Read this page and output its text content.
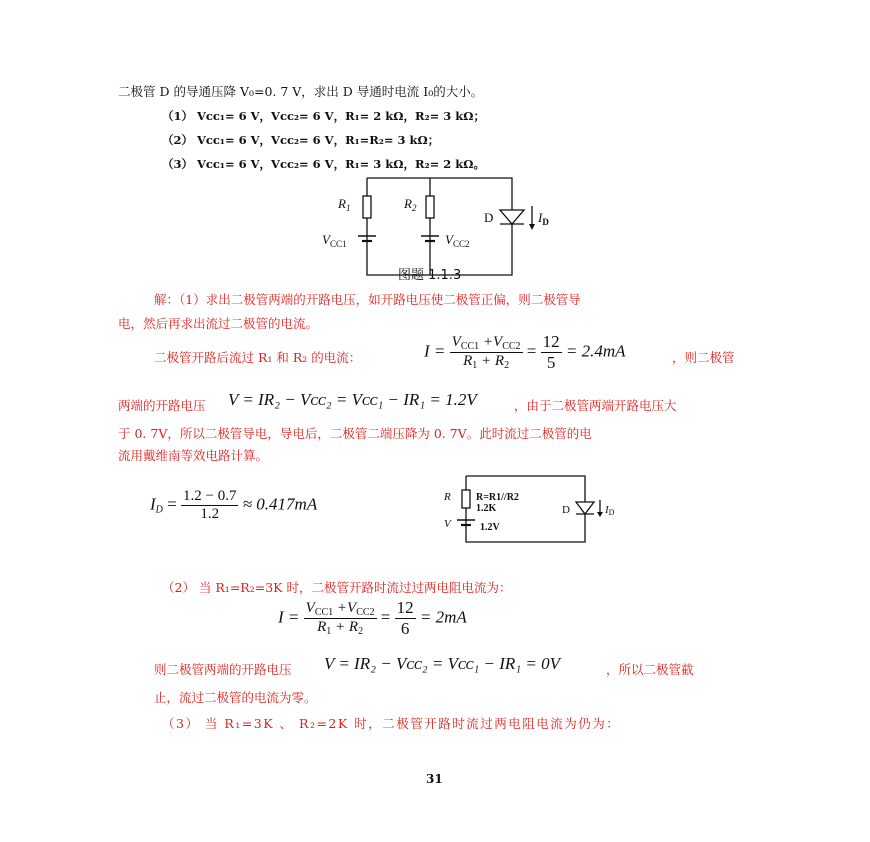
二极管 D 的导通压降 V₀=0. 7 V，求出 D 导通时电流 I₀的大小。
（1） Vᴄᴄ₁= 6 V，Vᴄᴄ₂= 6 V，R₁= 2 kΩ，R₂= 3 kΩ；
（2） Vᴄᴄ₁= 6 V，Vᴄᴄ₂= 6 V，R₁=R₂= 3 kΩ；
（3） Vᴄᴄ₁= 6 V，Vᴄᴄ₂= 6 V，R₁= 3 kΩ，R₂= 2 kΩ。
$R_1$	$R_2$
$V_{CC1}$	$V_{CC2}$
D	$I_D$
图题 1.1.3
解：（1）求出二极管两端的开路电压，如开路电压使二极管正偏，则二极管导
电，然后再求出流过二极管的电流。
二极管开路后流过 R₁ 和 R₂ 的电流：	$I = \frac{V_{CC1} +V_{CC2}}{R_1 + R_2} = \frac{12}{5} = 2.4mA$	，则二极管
两端的开路电压 V = IR₂ − Vᴄᴄ₂ = Vᴄᴄ₁ − IR₁ = 1.2V	，由于二极管两端开路电压大
于 0. 7V，所以二极管导电，导电后，二极管二端压降为 0. 7V。此时流过二极管的电
流用戴维南等效电路计算。
$I_D = \frac{1.2 - 0.7}{1.2} \approx 0.417mA$	R	R=R1//R2
1.2K
V	1.2V
D	ID
（2） 当 R₁=R₂=3K 时，二极管开路时流过过两电阻电流为：
$I = \frac{V_{CC1} +V_{CC2}}{R_1 + R_2} = \frac{12}{6} = 2mA$
则二极管两端的开路电压 V = IR₂ − Vᴄᴄ₂ = Vᴄᴄ₁ − IR₁ = 0V	，所以二极管截
止，流过二极管的电流为零。
（3） 当 R₁=3K 、 R₂=2K 时，二极管开路时流过两电阻电流为仍为：
31
